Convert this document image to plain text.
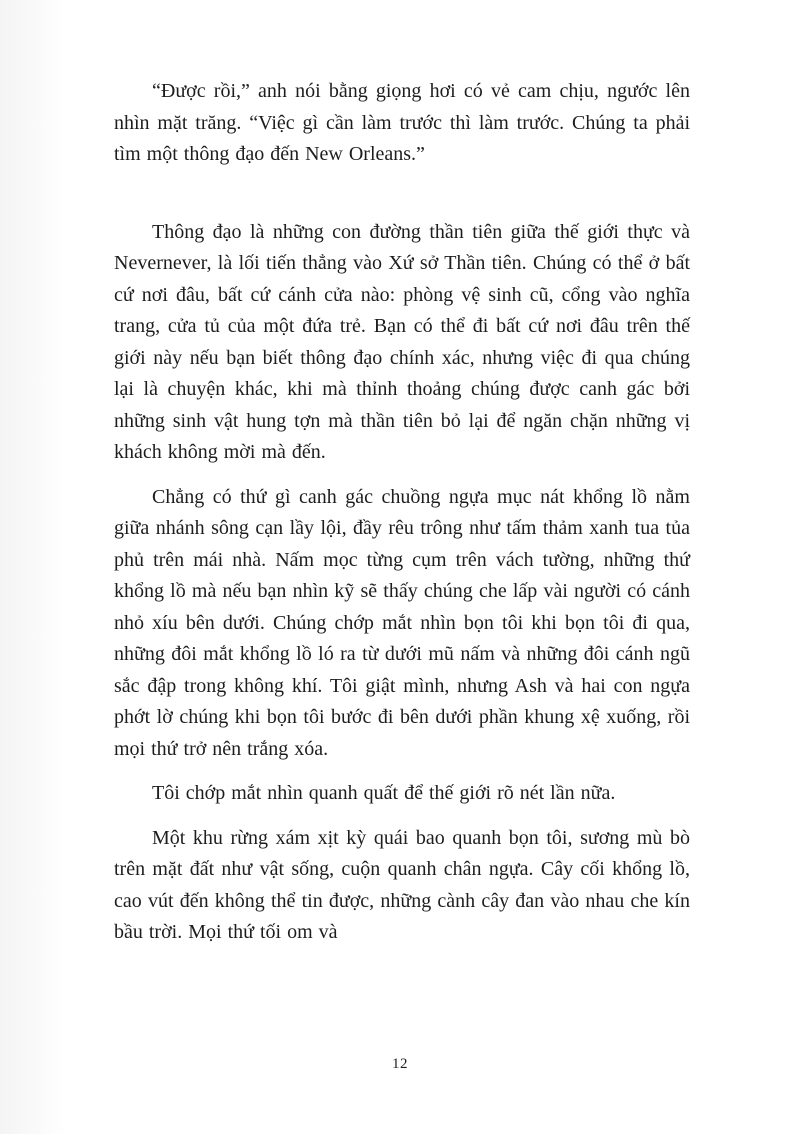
“Được rồi,” anh nói bằng giọng hơi có vẻ cam chịu, ngước lên nhìn mặt trăng. “Việc gì cần làm trước thì làm trước. Chúng ta phải tìm một thông đạo đến New Orleans.”

Thông đạo là những con đường thần tiên giữa thế giới thực và Nevernever, là lối tiến thẳng vào Xứ sở Thần tiên. Chúng có thể ở bất cứ nơi đâu, bất cứ cánh cửa nào: phòng vệ sinh cũ, cổng vào nghĩa trang, cửa tủ của một đứa trẻ. Bạn có thể đi bất cứ nơi đâu trên thế giới này nếu bạn biết thông đạo chính xác, nhưng việc đi qua chúng lại là chuyện khác, khi mà thỉnh thoảng chúng được canh gác bởi những sinh vật hung tợn mà thần tiên bỏ lại để ngăn chặn những vị khách không mời mà đến.

Chẳng có thứ gì canh gác chuồng ngựa mục nát khổng lồ nằm giữa nhánh sông cạn lầy lội, đầy rêu trông như tấm thảm xanh tua tủa phủ trên mái nhà. Nấm mọc từng cụm trên vách tường, những thứ khổng lồ mà nếu bạn nhìn kỹ sẽ thấy chúng che lấp vài người có cánh nhỏ xíu bên dưới. Chúng chớp mắt nhìn bọn tôi khi bọn tôi đi qua, những đôi mắt khổng lồ ló ra từ dưới mũ nấm và những đôi cánh ngũ sắc đập trong không khí. Tôi giật mình, nhưng Ash và hai con ngựa phớt lờ chúng khi bọn tôi bước đi bên dưới phần khung xệ xuống, rồi mọi thứ trở nên trắng xóa.

Tôi chớp mắt nhìn quanh quất để thế giới rõ nét lần nữa.

Một khu rừng xám xịt kỳ quái bao quanh bọn tôi, sương mù bò trên mặt đất như vật sống, cuộn quanh chân ngựa. Cây cối khổng lồ, cao vút đến không thể tin được, những cành cây đan vào nhau che kín bầu trời. Mọi thứ tối om và

12
